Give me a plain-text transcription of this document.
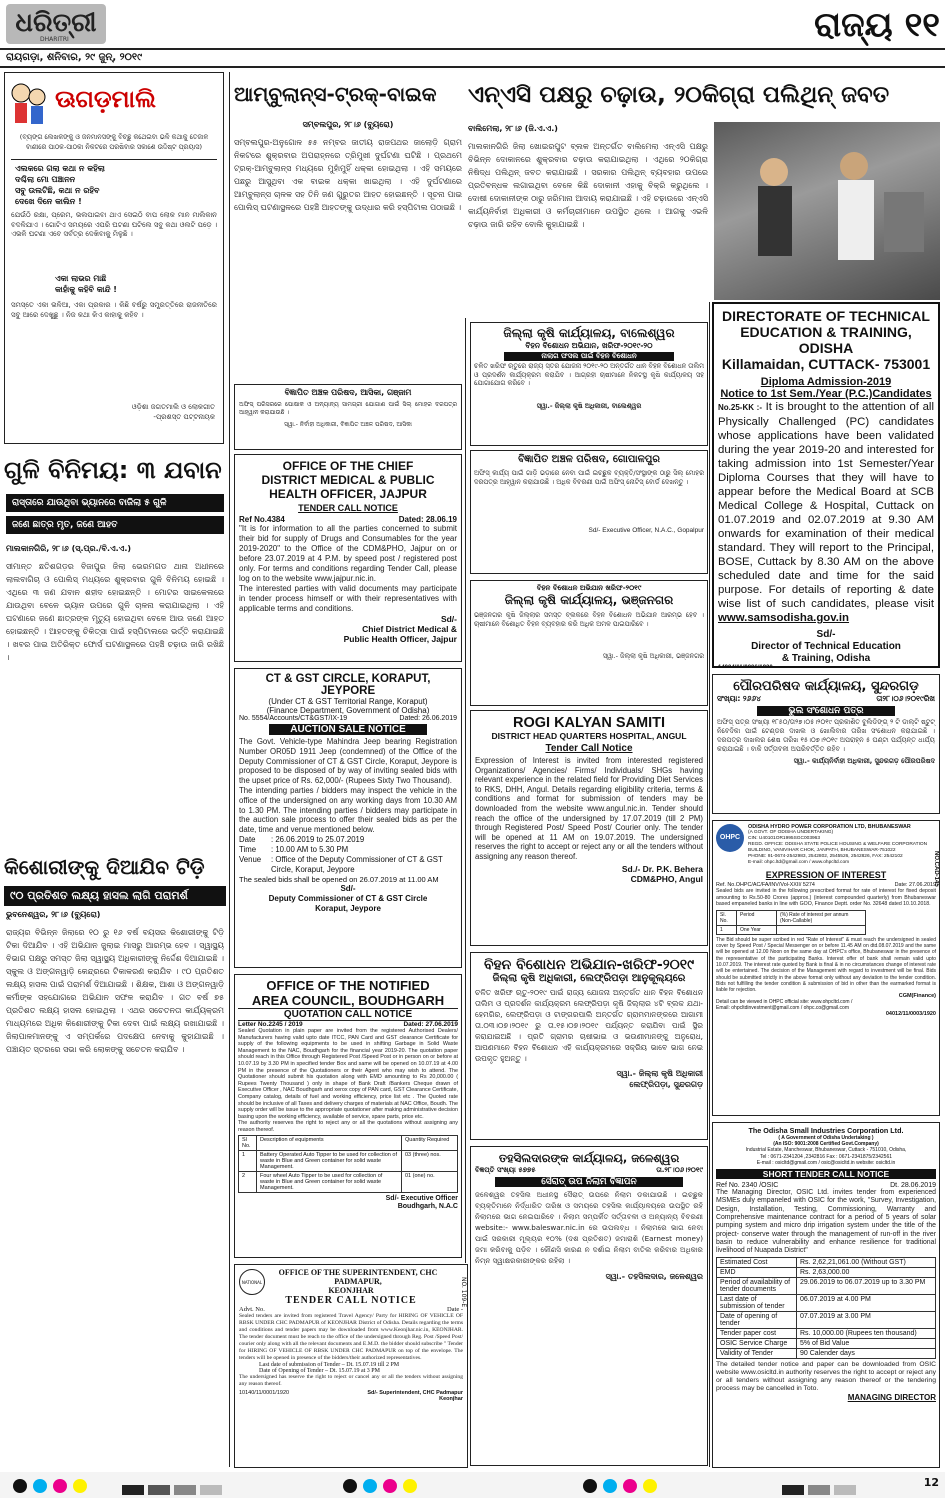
ଧରିତ୍ରୀ
DHARITRI
ରାୟଗଡ଼ା, ଶନିବାର, ୨୯ ଜୁନ୍, ୨୦୧୯
ରାଜ୍ୟ ୧୧
ଊଗଡ଼ମାଲି
(ବ୍ୟଙ୍ଗ ଲେଖକଙ୍କୁ ଓ ଜନମାନସଙ୍କୁ ବିଚ୍ଛୁ କଥେଇବା ଭଳି କଥାକୁ ତେଜାଳ ବାଣୀରେ ପାଠକ-ପାଠକା ନିକଟରେ ପରଷିବାର ସକାଶେ ଉଦ୍ଦିଷ୍ଟ ପ୍ରୟାସ)
ଏଲକରେ ଗଲା କଥା ନ କହିଲା
ଦଶ୍ଚିଲା ମୋ ପଞ୍ଚାନନ
ସବୁ ଉଲଟିଛି, କଥା ନ ରହିବ
ଦେଖେ ଦିନେ କାଲିନ !
ଯେଉଁଠି ରକ୍ଷା, ପ୍ରେମ, ଭଲପାଇବା ଥାଏ ସେଇଠି ବାପ ଲୋକ ମାନ ମାଲିକାନ ବଦଳିଯାଏ । ଗୋଟିଏ ସମୟରେ ଏପରି ଘଟଣା ଘଟିଲେ ସବୁ କଥା ଓଲଟି ପଡ଼େ । ଏଭଳି ଘଟଣା ଏବେ ସର୍ବତ୍ର ଦେଖିବାକୁ ମିଳୁଛି ।
ଏକା ଲାଭର ମାଛି
କାହାଁକୁ କହିବି କାନ୍ଦି !
ସମସ୍ତେ ଏକା ଭଳିଆ, ଏକା ପ୍ରକାର । କିଛି ବର୍ଷରୁ ସମ୍ପ୍ରତ୍ତିରେ ରାଜନୀତିରେ ସବୁ ଆରେ ଦେଖୁଛୁ । ନିଜ କଥା କିଏ କାହାକୁ କହିବ ।
ଓଡ଼ିଶା ଜଗତମାଲି ଓ ଲୋକଗୀତ
-ପ୍ରଶସ୍ତ ପଟ୍ଟନାୟକ
ଗୁଳି ବିନିମୟ: ୩ ଯବାନ
ରାସ୍ତାରେ ଯାଉଥିବା ଭ୍ୟାନରେ ବାଜିଲା ୫ ଗୁଳି
ଜଣେ ଛାତ୍ର ମୃତ, ଜଣେ ଆହତ
ମାଲକାନଗିରି, ୨୮।୬ (ସ୍.ପ୍ର./ବି.ଏ.ଏ.)
ସୀମାନ୍ତ ଛତିଶଗଡ଼ର ବିଜାପୁର ଜିଲା ଭେରମଗଡ ଥାନା ଅଧୀନରେ ଲାଲବାଗିଚା ଓ ପୋଲିସ୍ ମଧ୍ୟରେ ଶୁକ୍ରବାର ଗୁଳି ବିନିମୟ ହୋଇଛି । ଏଥିରେ ୩ ଜଣ ଯବାନ ଶହୀଦ ହୋଇଛନ୍ତି । ମୋଟର ସାଇକେଲରେ ଯାଉଥିବା ବେଳେ ଭ୍ୟାନ ଉପରେ ଗୁଳି ଚାଳନା କରାଯାଇଥିଲା । ଏହି ଘଟଣାରେ ଜଣେ ଛାତ୍ରଙ୍କ ମୃତ୍ୟୁ ହୋଇଥିବା ବେଳେ ଆଉ ଜଣେ ଆହତ ହୋଇଛନ୍ତି । ଆହତଙ୍କୁ ଚିକିତ୍ସା ପାଇଁ ହସ୍ପିଟାଲରେ ଭର୍ତ୍ତି କରାଯାଇଛି । ଖବର ପାଇ ଅତିରିକ୍ତ ଫୋର୍ସ ଘଟଣାସ୍ଥଳରେ ପହଞ୍ଚି ଚଢ଼ାଉ ଜାରି ରଖିଛି ।
କିଶୋରୀଙ୍କୁ ଦିଆଯିବ ଟିଡ଼ି
୯୦ ପ୍ରତିଶତ ଲକ୍ଷ୍ୟ ହାସଲ ଲାଗି ପରାମର୍ଶ
ଭୁବନେଶ୍ୱର, ୨୮।୬ (ବ୍ୟୁରୋ)
ରାଜ୍ୟର ବିଭିନ୍ନ ଜିଲାରେ ୧୦ ରୁ ୧୬ ବର୍ଷ ବୟସର କିଶୋରୀଙ୍କୁ ଟିଡ଼ି ଟିକା ଦିଆଯିବ । ଏହି ଅଭିଯାନ ଜୁଲାଇ ମାସରୁ ଆରମ୍ଭ ହେବ । ସ୍ୱାସ୍ଥ୍ୟ ବିଭାଗ ପକ୍ଷରୁ ସମସ୍ତ ଜିଲା ସ୍ୱାସ୍ଥ୍ୟ ଅଧିକାରୀଙ୍କୁ ନିର୍ଦ୍ଦେଶ ଦିଆଯାଇଛି । ସ୍କୁଲ ଓ ଅଙ୍ଗନୱାଡ଼ି କେନ୍ଦ୍ରରେ ଟିକାକରଣ କରାଯିବ । ୯୦ ପ୍ରତିଶତ ଲକ୍ଷ୍ୟ ହାସଲ ପାଇଁ ପରାମର୍ଶ ଦିଆଯାଇଛି । ଶିକ୍ଷକ, ଆଶା ଓ ଅଙ୍ଗନୱାଡ଼ି କର୍ମୀଙ୍କ ସହଯୋଗରେ ଅଭିଯାନ ସଫଳ କରାଯିବ । ଗତ ବର୍ଷ ୭୫ ପ୍ରତିଶତ ଲକ୍ଷ୍ୟ ହାସଲ ହୋଇଥିଲା । ଏଥର ସଚେତନତା କାର୍ଯ୍ୟକ୍ରମ ମାଧ୍ୟମରେ ଅଧିକ କିଶୋରୀଙ୍କୁ ଟିକା ଦେବା ପାଇଁ ଲକ୍ଷ୍ୟ ରଖାଯାଇଛି । ଜିଲାପାଳମାନଙ୍କୁ ଏ ସମ୍ପର୍କରେ ପଦକ୍ଷେପ ନେବାକୁ କୁହାଯାଇଛି । ପଞ୍ଚାୟତ ସ୍ତରରେ ସଭା କରି ଲୋକଙ୍କୁ ସଚେତନ କରାଯିବ ।
ଆମ୍ବୁଲାନ୍ସ-ଟ୍ରକ୍-ବାଇକ
ସମ୍ବଲପୁର, ୨୮।୬ (ବ୍ୟୁରୋ)
ସମ୍ବଲପୁର-ଅନୁଗୋଳ ୫୫ ନମ୍ବର ଜାତୀୟ ରାଜପଥର ଜାଲୋଡ଼ି ଗ୍ରାମ ନିକଟରେ ଶୁକ୍ରବାର ଅପରାହ୍ନରେ ତ୍ରିମୁଖୀ ଦୁର୍ଘଟଣା ଘଟିଛି । ପ୍ରଥମେ ଟ୍ରକ୍-ଆମ୍ବୁଲାନ୍ସ ମଧ୍ୟରେ ମୁହାଁମୁହିଁ ଧକ୍କା ହୋଇଥିଲା । ଏହି ସମୟରେ ପଛରୁ ଆସୁଥିବା ଏକ ବାଇକ ଧକ୍କା ଖାଇଥିଲା । ଏହି ଦୁର୍ଘଟଣାରେ ଆମ୍ବୁଲାନ୍ସ ଚାଳକ ସହ ତିନି ଜଣ ଗୁରୁତର ଆହତ ହୋଇଛନ୍ତି । ସୂଚନା ପାଇ ପୋଲିସ୍ ଘଟଣାସ୍ଥଳରେ ପହଞ୍ଚି ଆହତଙ୍କୁ ଉଦ୍ଧାର କରି ହସ୍ପିଟାଲ ପଠାଇଛି ।
ଏନ୍ଏସି ପକ୍ଷରୁ ଚଢ଼ାଉ, ୨୦କିଗ୍ରା ପଲିଥିନ୍ ଜବତ
ବାଲିମେଲା, ୨୮।୬ (ଜି.ଏ.ଏ.)
ମାଲକାନଗିରି ଜିଲା ଖୋଇରପୁଟ ବ୍ଲକ ଅନ୍ତର୍ଗତ ବାଲିମେଲା ଏନ୍ଏସି ପକ୍ଷରୁ ବିଭିନ୍ନ ଦୋକାନରେ ଶୁକ୍ରବାର ଚଢ଼ାଉ କରାଯାଇଥିଲା । ଏଥିରେ ୨୦କିଗ୍ରା ନିଷିଦ୍ଧ ପଲିଥିନ୍ ଜବତ କରାଯାଇଛି । ସରକାର ପଲିଥିନ୍ ବ୍ୟବହାର ଉପରେ ପ୍ରତିବନ୍ଧକ ଲଗାଇଥିବା ବେଳେ କିଛି ଦୋକାନୀ ଏହାକୁ ବିକ୍ରି କରୁଥିଲେ । ଦୋଷୀ ଦୋକାନୀଙ୍କ ଠାରୁ ଜରିମାନା ଆଦାୟ କରାଯାଇଛି । ଏହି ଚଢ଼ାଉରେ ଏନ୍ଏସି କାର୍ଯ୍ୟନିର୍ବାହୀ ଅଧିକାରୀ ଓ କର୍ମଚାରୀମାନେ ଉପସ୍ଥିତ ଥିଲେ । ଆଗକୁ ଏଭଳି ଚଢ଼ାଉ ଜାରି ରହିବ ବୋଲି କୁହାଯାଇଛି ।
ବିଜ୍ଞାପିତ ଅଞ୍ଚଳ ପରିଷଦ, ଆସିକା, ଗଞ୍ଜାମ
ଅଫିସ୍ ପରିସରରେ ପୋଷାକ ଓ ଅନ୍ୟାନ୍ୟ ସାମଗ୍ରୀ ଯୋଗାଣ ପାଇଁ ସିଲ୍ ମୋହର ଦରପତ୍ର ଆହ୍ୱାନ କରାଯାଉଛି ।
ସ୍ୱା.- ନିର୍ବାହୀ ଅଧିକାରୀ, ବିଜ୍ଞାପିତ ଅଞ୍ଚଳ ପରିଷଦ, ଆସିକା
OFFICE OF THE CHIEF
DISTRICT MEDICAL & PUBLIC
HEALTH OFFICER, JAJPUR
TENDER CALL NOTICE
Ref No.4384	Dated: 28.06.19
"It is for information to all the parties concerned to submit their bid for supply of Drugs and Consumables for the year 2019-2020" to the Office of the CDM&PHO, Jajpur on or before 23.07.2019 at 4 P.M. by speed post / registered post only. For terms and conditions regarding Tender Call, please log on to the website www.jajpur.nic.in.
The interested parties with valid documents may participate in tender process himself or with their representatives with applicable terms and conditions.
Sd/-
Chief District Medical &
Public Health Officer, Jajpur
CT & GST CIRCLE, KORAPUT, JEYPORE
(Under CT & GST Territorial Range, Koraput)
(Finance Department, Government of Odisha)
No. 5554/Accounts/CT&GST/IX-19	Dated: 26.06.2019
AUCTION SALE NOTICE
The Govt. Vehicle-type Mahindra Jeep bearing Registration Number OR05D 1911 Jeep (condemned) of the Office of the Deputy Commissioner of CT & GST Circle, Koraput, Jeypore is proposed to be disposed of by way of inviting sealed bids with the upset price of Rs. 62,000/- (Rupees Sixty Two Thousand).
The intending parties / bidders may inspect the vehicle in the office of the undersigned on any working days from 10.30 AM to 1.30 PM. The intending parties / bidders may participate in the auction sale process to offer their sealed bids as per the date, time and venue mentioned below.
Date	: 26.06.2019 to 25.07.2019
Time	: 10.00 AM to 5.30 PM
Venue	: Office of the Deputy Commissioner of CT & GST Circle, Koraput, Jeypore
The sealed bids shall be opened on 26.07.2019 at 11.00 AM
Sd/-
Deputy Commissioner of CT & GST Circle
Koraput, Jeypore
OFFICE OF THE NOTIFIED
AREA COUNCIL, BOUDHGARH
QUOTATION CALL NOTICE
Letter No.2245 / 2019	Dated: 27.06.2019
Sealed Quotation in plain paper are invited from the registered Authorised Dealers/ Manufacturers having valid upto date ITCC, PAN Card and GST clearance Certificate for supply of the following equipments to be used in shifting Garbage in Solid Waste Management to the NAC, Boudhgarh for the financial year 2019-20. The quotation paper should reach in this Office through Registered Post /Speed Post or in person on or before at 10.07.19 by 3.30 PM in specified tender Box and same will be opened on 10.07.19 at 4.00 PM in the presence of the Quotationers or their Agent who may wish to attend. The Quotationer should submit his quotation along with EMD amounting to Rs 20,000.00 ( Rupees Twenty Thousand ) only in shape of Bank Draft /Bankers Cheque drawn of Executive Officer , NAC Boudhgarh and xerox copy of PAN card, GST Clearance Certificate, Company catalog, details of fuel and working efficiency, price list etc . The Quoted rate should be inclusive of all Taxes and delivery charges of materials at NAC Office, Boudh. The supply order will be issue to the appropriate quotationer after making administrative decision basing upon the working efficiency, available of service, spare parts, price etc.
The authority reserves the right to reject any or all the quotations without assigning any reason thereof.
Sl No.	Description of equipments	Quantity Required
1	Battery Operated Auto Tipper to be used for collection of waste in Blue and Green container for solid waste Management.	03 (three) nos.
2	Four wheel Auto Tipper to be used for collection of waste in Blue and Green container for solid waste Management.	01 (one) no.
Sd/- Executive Officer
Boudhgarh, N.A.C
NATIONAL	NO. 109-E
OFFICE OF THE SUPERINTENDENT, CHC PADMAPUR,
KEONJHAR
TENDER CALL NOTICE
Advt. No.	Date -
Sealed tenders are invited from registered Travel Agency/ Party for HIRING OF VEHICLE OF RBSK UNDER CHC PADMAPUR of KEONJHAR District of Odisha. Details regarding the terms and conditions and tender papers may be downloaded from www.Keonjhar.nic.in, KEONJHAR. The tender document must be reach to the office of the undersigned through Reg. Post /Speed Post/ courier only along with all the relevant documents and E.M.D. the bidder should subscribe " Tender for HIRING OF VEHICLE OF RBSK UNDER CHC PADMAPUR on top of the envelope. The tenders will be opened in presence of the bidders/their authorized representatives.
Last date of submission of Tender – Dt. 15.07.19 till 2 PM
Date of Opening of Tender – Dt. 15.07.19 at 3 PM
The undersigned has reserve the right to reject or cancel any or all the tenders without assigning any reason thereof.
10140/11/0001/1920	Sd/- Superintendent, CHC Padmapur
Keonjhar
ଜିଲ୍ଲା କୃଷି କାର୍ଯ୍ୟାଳୟ, ବାଲେଶ୍ୱର
ବିହନ ବିଶୋଧନ ଅଭିଯାନ, ଖରିଫ-୨୦୧୯-୨୦
ନାଲାଗ ଫସଲ ପାଇଁ ବିହନ ବିଶୋଧନ
ଚଳିତ ଖରିଫ ଋତୁରେ ରାଜ୍ୟ ସ୍ତର ଯୋଜନା ୨୦୧୯-୨୦ ଅନ୍ତର୍ଗତ ଧାନ ବିହନ ବିଶୋଧନ ତାଲିମ ଓ ପ୍ରଦର୍ଶନ କାର୍ଯ୍ୟକ୍ରମ କରାଯିବ । ଆଗ୍ରହୀ ଚାଷୀମାନେ ନିକଟସ୍ଥ କୃଷି କାର୍ଯ୍ୟାଳୟ ସହ ଯୋଗାଯୋଗ କରିବେ ।
ସ୍ୱା.- ଜିଲ୍ଲା କୃଷି ଅଧିକାରୀ, ବାଲେଶ୍ୱର
ବିଜ୍ଞାପିତ ଅଞ୍ଚଳ ପରିଷଦ, ଗୋପାଳପୁର
ଅଫିସ୍ କାର୍ଯ୍ୟ ପାଇଁ ଗାଡ଼ି ଭଡ଼ାରେ ନେବା ପାଇଁ ଇଚ୍ଛୁକ ବ୍ୟକ୍ତି/ସଂସ୍ଥାଙ୍କ ଠାରୁ ସିଲ୍ ମୋହର ଦରପତ୍ର ଆହ୍ୱାନ କରାଯାଉଛି । ଅଧିକ ବିବରଣୀ ପାଇଁ ଅଫିସ୍ ନୋଟିସ୍ ବୋର୍ଡ ଦେଖନ୍ତୁ ।
Sd/- Executive Officer, N.A.C., Gopalpur
ବିହନ ବିଶୋଧନ ଅଭିଯାନ ଖରିଫ-୨୦୧୯
ଜିଲ୍ଲା କୃଷି କାର୍ଯ୍ୟାଳୟ, ଭଞ୍ଜନଗର
ଭଞ୍ଜନଗର କୃଷି ଜିଲ୍ଲାର ସମସ୍ତ ବ୍ଲକରେ ବିହନ ବିଶୋଧନ ଅଭିଯାନ ଆରମ୍ଭ ହେବ । ଚାଷୀମାନେ ବିଶୋଧିତ ବିହନ ବ୍ୟବହାର କରି ଅଧିକ ଅମଳ ପାଇପାରିବେ ।
ସ୍ୱା.- ଜିଲ୍ଲା କୃଷି ଅଧିକାରୀ, ଭଞ୍ଜନଗର
ROGI KALYAN SAMITI
DISTRICT HEAD QUARTERS HOSPITAL, ANGUL
Tender Call Notice
Expression of Interest is invited from interested registered Organizations/ Agencies/ Firms/ Individuals/ SHGs having relevant experience in the related field for Providing Diet Services to RKS, DHH, Angul. Details regarding eligibility criteria, terms & conditions and format for submission of tenders may be downloaded from the website www.angul.nic.in. Tender should reach the office of the undersigned by 17.07.2019 (till 2 PM) through Registered Post/ Speed Post/ Courier only. The tender will be opened at 11 AM on 19.07.2019. The undersigned reserves the right to accept or reject any or all the tenders without assigning any reason thereof.
Sd./- Dr. P.K. Behera
CDM&PHO, Angul
ବିହନ ବିଶୋଧନ ଅଭିଯାନ-ଖରିଫ-୨୦୧୯
ଜିଲ୍ଲା କୃଷି ଅଧିକାରୀ, ଲେଫ୍ରିପଡ଼ା ଆନୁକୂଲ୍ୟରେ
ଚଳିତ ଖରିଫ ଋତୁ-୨୦୧୯ ପାଇଁ ରାଜ୍ୟ ଯୋଜନା ଅନ୍ତର୍ଗତ ଧାନ ବିହନ ବିଶୋଧନ ତାଲିମ ଓ ପ୍ରଦର୍ଶନ କାର୍ଯ୍ୟକ୍ରମ ଲେଫ୍ରିପଡ଼ା କୃଷି ଜିଲ୍ଲାର ୪ଟି ବ୍ଲକ ଯଥା- ହେମଗିର, ଲେଫ୍ରିପଡ଼ା ଓ ଟାଙ୍ଗରପାଲି ଅନ୍ତର୍ଗତ ଗ୍ରାମମାନଙ୍କରେ ଆଗାମୀ ତା.୦୩।୦୭।୨୦୧୯ ରୁ ତା.୧୫।୦୭।୨୦୧୯ ପର୍ଯ୍ୟନ୍ତ କରାଯିବା ପାଇଁ ସ୍ଥିର କରାଯାଇଅଛି । ପ୍ରତି ଗ୍ରାମର ଚାଷୀଭାଇ ଓ ଭଉଣୀମାନଙ୍କୁ ଅନୁରୋଧ, ଆପଣମାନେ ବିହନ ବିଶୋଧନ ଏହି କାର୍ଯ୍ୟକ୍ରମରେ ସକ୍ରିୟ ଭାବେ ଭାଗ ନେଇ ଉପକୃତ ହୁଅନ୍ତୁ ।
ସ୍ୱା.- ଜିଲ୍ଲା କୃଷି ଅଧିକାରୀ
ଲେଫ୍ରିପଡ଼ା, ସୁନ୍ଦରଗଡ଼
ତହସିଲଦାରଙ୍କ କାର୍ଯ୍ୟାଳୟ, ଜଳେଶ୍ୱର
ବିଜ୍ଞପ୍ତି ସଂଖ୍ୟା ୫୭୭୫	ତା.୨୮।୦୬।୨୦୧୯
ସୈରାତ୍ ଉପ ନିଲାମ ବିଜ୍ଞାପନ
ଜଳେଶ୍ୱର ତହସିଲ ଅଧୀନସ୍ଥ ସୈରାତ୍ ଉପରେ ନିଲାମ ଡକାଯାଉଛି । ଇଚ୍ଛୁକ ବ୍ୟକ୍ତିମାନେ ନିର୍ଦ୍ଧାରିତ ତାରିଖ ଓ ସମୟରେ ତହସିଲ କାର୍ଯ୍ୟାଳୟରେ ଉପସ୍ଥିତ ରହି ନିଲାମରେ ଭାଗ ନେଇପାରିବେ । ନିଲାମ ସମ୍ପର୍କିତ ସର୍ତ୍ତାବଳୀ ଓ ଅନ୍ୟାନ୍ୟ ବିବରଣୀ website:- www.baleswar.nic.in ରେ ଉପଲବ୍ଧ । ନିଲାମରେ ଭାଗ ନେବା ପାଇଁ ସରକାରୀ ମୂଲ୍ୟର ୧୦% (ଦଶ ପ୍ରତିଶତ) ଜମାରାଶି (Earnest money) ଜମା କରିବାକୁ ପଡ଼ିବ । କୌଣସି କାରଣ ନ ଦର୍ଶାଇ ନିଲାମ ବାତିଲ କରିବାର ଅଧିକାର ନିମ୍ନ ସ୍ୱାକ୍ଷରକାରୀଙ୍କର ରହିଲା ।
ସ୍ୱା.- ତହସିଲଦାର, ଜଳେଶ୍ୱର
DIRECTORATE OF TECHNICAL
EDUCATION & TRAINING, ODISHA
Killamaidan, CUTTACK- 753001
Diploma Admission-2019
Notice to 1st Sem./Year (P.C.)Candidates
No.25-KK :- It is brought to the attention of all Physically Challenged (PC) candidates whose applications have been validated during the year 2019-20 and interested for taking admission into 1st Semester/Year Diploma Courses that they will have to appear before the Medical Board at SCB Medical College & Hospital, Cuttack on 01.07.2019 and 02.07.2019 at 9.30 AM onwards for examination of their medical standard. They will report to the Principal, BOSE, Cuttack by 8.30 AM on the above scheduled date and time for the said purpose. For details of reporting & date wise list of such candidates, please visit www.samsodisha.gov.in
Sd/-
Director of Technical Education
& Training, Odisha
14004/11/0006/1920
ପୌରପରିଷଦ କାର୍ଯ୍ୟାଳୟ, ସୁନ୍ଦରଗଡ଼
ସଂଖ୍ୟା: ୨୬୬୪	ତା୨୮।୦୬।୨୦୧୯ରିଖ
ଭୁଲ ସଂଶୋଧନ ପତ୍ର
ଅଫିସ୍ ପତ୍ର ସଂଖ୍ୟା ୧୮୫୦/ତା୨୭।୦୫।୨୦୧୯ ପ୍ରକାଶିତ ବୁଲିଡିଙ୍ଗ୍ ୨ ଟି ଡାଲ୍ଟି ଷ୍ଟୁଟ୍ ନିବେଦିକା ପାଇଁ ଟେଣ୍ଡର ଦାଖଲ ଓ ଖୋଲିବାର ତାରିଖ ସଂଶୋଧନ କରାଯାଇଛି । ଦରପତ୍ର ଦାଖଲର ଶେଷ ତାରିଖ ୧୫।୦୭।୨୦୧୯ ଅପରାହ୍ନ ୫ ଘଣ୍ଟା ପର୍ଯ୍ୟନ୍ତ ଧାର୍ଯ୍ୟ କରାଯାଇଛି । ବାକି ସର୍ତ୍ତାବଳୀ ଅପରିବର୍ତ୍ତିତ ରହିବ ।
ସ୍ୱା.- କାର୍ଯ୍ୟନିର୍ବାହୀ ଅଧିକାରୀ, ସୁନ୍ଦରଗଡ଼ ପୌରପରିଷଦ
OHPC
ODISHA HYDRO POWER CORPORATION LTD, BHUBANESWAR
(A GOVT. OF ODISHA UNDERTAKING)
CIN: U40101OR1995SGC003963
REGD. OFFICE: ODISHA STATE POLICE HOUSING & WELFARE CORPORATION BUILDING, VANIVIHAR CHOK, JANPATH, BHUBANESWAR-751022
PHONE: 91-0674-2542983, 2542802, 2545526, 2542826, FAX: 2542102
E-mail: ohpc.ltd@gmail.com / www.ohpcltd.com	NO.CAD-145
EXPRESSION OF INTEREST
Ref. No.OHPC/AC/FA/INV/Vol-XXII/ 5274	Date: 27.06.2019
Sealed bids are invited in the following prescribed format for rate of interest for fixed deposit amounting to Rs.50-80 Crores (approx.) (interest compounded quarterly) from Bhubaneswar based empaneled banks in line with GOO, Finance Deptt. order No. 32648 dated 10.10.2018.
Sl. No.	Period	(%) Rate of interest per annum (Non-Callable)
1	One Year	
The Bid should be super scribed in red "Rate of Interest" & must reach the undersigned in sealed cover by Speed Post / Special Messenger on or before 11.45 AM on dtd.08.07.2019 and the same will be opened at 12.00 Noon on the same day at OHPC's office, Bhubaneswar in the presence of the representative of the participating Banks. Interest offer of bank shall remain valid upto 10.07.2019. The interest rate quoted by Bank is final & in no circumstances change of interest rate will be entertained. The decision of the Management with regard to investment will be final. Bids should be submitted strictly in the above format only without any deviation to the tender condition. Bids not fulfilling the tender condition & submission of bid in other than the earmarked format is liable for rejection.
CGM(Finance)
Detail can be viewed in OHPC official site: www.ohpcltd.com /
Email: ohpcltdinvestment@gmail.com / ohpc.co@gmail.com
04012/11/0003/1920
The Odisha Small Industries Corporation Ltd.
( A Government of Odisha Undertaking )
(An ISO: 9001:2008 Certified Govt.Company)
Industrial Estate, Mancheswar, Bhubaneswar, Cuttack - 751010, Odisha,
Tel : 0671-2341204 ,2342816 Fax : 0671-2341875/2342561
E-mail : osicltd@gmail.com / osic@osicltd.in website: osicltd.in
SHORT TENDER CALL NOTICE
Ref No. 2340 /OSIC	Dt. 28.06.2019
The Managing Director, OSIC Ltd. invites tender from experienced MSMEs duly empaneled with OSIC for the work, "Survey, Investigation, Design, Installation, Testing, Commissioning, Warranty and Comprehensive maintenance contract for a period of 5 years of solar pumping system and micro drip irrigation system under the title of the project- conserve water through the management of run-off in the river basin to reduce vulnerability and enhance resilience for traditional livelihood of Nuapada District"
Estimated Cost	Rs. 2,62,21,061.00 (Without GST)
EMD	Rs. 2,63,000.00
Period of availability of tender documents	29.06.2019 to 06.07.2019 up to 3.30 PM
Last date of submission of tender	06.07.2019 at 4.00 PM
Date of opening of tender	07.07.2019 at 3.00 PM
Tender paper cost	Rs. 10,000.00 (Rupees ten thousand)
OSIC Service Charge	5% of Bid Value
Validity of Tender	90 Calender days
The detailed tender notice and paper can be downloaded from OSIC website www.osicltd.in authority reserves the right to accept or reject any or all tenders without assigning any reason thereof or the tendering process may be cancelled in Toto.
MANAGING DIRECTOR
12
